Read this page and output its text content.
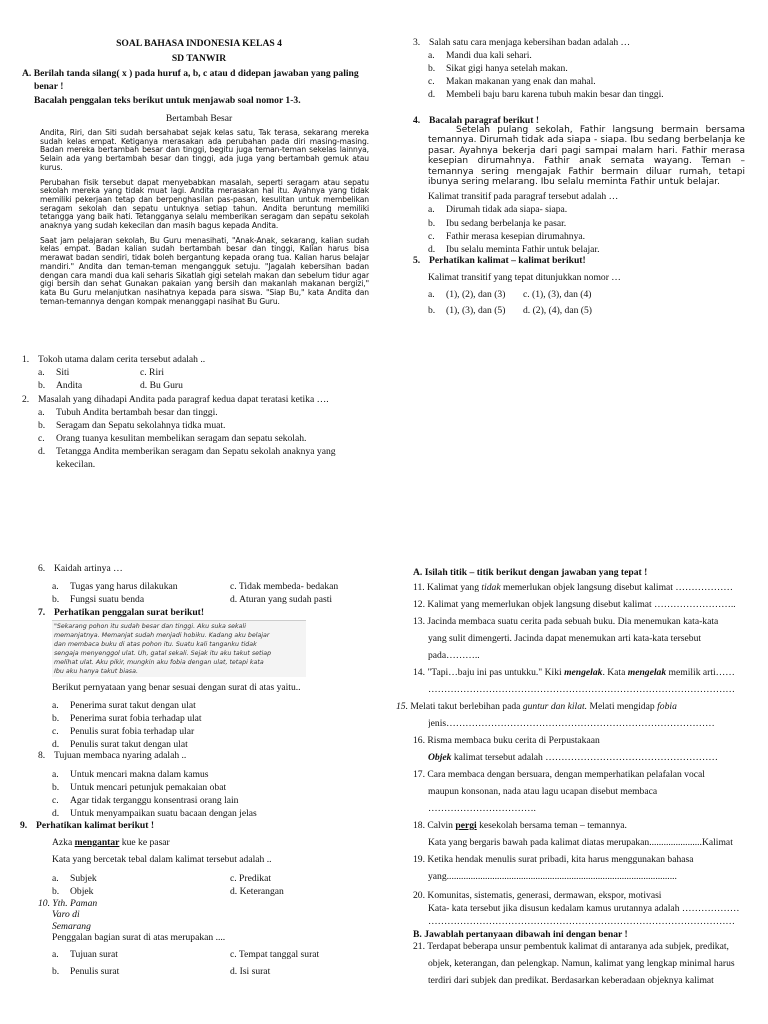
SOAL BAHASA INDONESIA KELAS 4
SD TANWIR
A. Berilah tanda silang( x ) pada huruf a, b, c atau d didepan jawaban yang paling
benar !
Bacalah penggalan teks berikut untuk menjawab soal nomor 1-3.
Bertambah Besar

Andita, Riri, dan Siti sudah bersahabat sejak kelas satu, Tak terasa, sekarang mereka sudah kelas empat. Ketiganya merasakan ada perubahan pada diri masing-masing. Badan mereka bertambah besar dan tinggi, begitu juga teman-teman sekelas lainnya, Selain ada yang bertambah besar dan tinggi, ada juga yang bertambah gemuk atau kurus.

Perubahan fisik tersebut dapat menyebabkan masalah, seperti seragam atau sepatu sekolah mereka yang tidak muat lagi. Andita merasakan hal itu. Ayahnya yang tidak memiliki pekerjaan tetap dan berpenghasilan pas-pasan, kesulitan untuk membelikan seragam sekolah dan sepatu untuknya setiap tahun. Andita beruntung memiliki tetangga yang baik hati. Tetangganya selalu memberikan seragam dan sepatu sekolah anaknya yang sudah kekecilan dan masih bagus kepada Andita.

Saat jam pelajaran sekolah, Bu Guru menasihati, "Anak-Anak, sekarang, kalian sudah kelas empat. Badan kalian sudah bertambah besar dan tinggi, Kalian harus bisa merawat badan sendiri, tidak boleh bergantung kepada orang tua. Kalian harus belajar mandiri." Andita dan teman-teman mengangguk setuju. "Jagalah kebersihan badan dengan cara mandi dua kali seharis Sikatlah gigi setelah makan dan sebelum tidur agar gigi bersih dan sehat Gunakan pakaian yang bersih dan makanlah makanan bergizi," kata Bu Guru melanjutkan nasihatnya kepada para siswa. "Siap Bu," kata Andita dan teman-temannya dengan kompak menanggapi nasihat Bu Guru.

1. Tokoh utama dalam cerita tersebut adalah ..
a. Siti	c. Riri
b. Andita	d. Bu Guru
2. Masalah yang dihadapi Andita pada paragraf kedua dapat teratasi ketika ….
a. Tubuh Andita bertambah besar dan tinggi.
b. Seragam dan Sepatu sekolahnya tidka muat.
c. Orang tuanya kesulitan membelikan seragam dan sepatu sekolah.
d. Tetangga Andita memberikan seragam dan Sepatu sekolah anaknya yang
kekecilan.
3. Salah satu cara menjaga kebersihan badan adalah …
a. Mandi dua kali sehari.
b. Sikat gigi hanya setelah makan.
c. Makan makanan yang enak dan mahal.
d. Membeli baju baru karena tubuh makin besar dan tinggi.
4. Bacalah paragraf berikut !
Setelah pulang sekolah, Fathir langsung bermain bersama temannya. Dirumah tidak ada siapa - siapa. Ibu sedang berbelanja ke pasar. Ayahnya bekerja dari pagi sampai malam hari. Fathir merasa kesepian dirumahnya. Fathir anak semata wayang. Teman – temannya sering mengajak Fathir bermain diluar rumah, tetapi ibunya sering melarang. Ibu selalu meminta Fathir untuk belajar.
Kalimat transitif pada paragraf tersebut adalah …
a. Dirumah tidak ada siapa- siapa.
b. Ibu sedang berbelanja ke pasar.
c. Fathir merasa kesepian dirumahnya.
d. Ibu selalu meminta Fathir untuk belajar.
5. Perhatikan kalimat – kalimat berikut!
Kalimat transitif yang tepat ditunjukkan nomor …
a. (1), (2), dan (3) c. (1), (3), dan (4)
b. (1), (3), dan (5) d. (2), (4), dan (5)
6. Kaidah artinya …
a. Tugas yang harus dilakukan	c. Tidak membeda- bedakan
b. Fungsi suatu benda	d. Aturan yang sudah pasti
7. Perhatikan penggalan surat berikut!
"Sekarang pohon itu sudah besar dan tinggi. Aku suka sekali
memanjatnya. Memanjat sudah menjadi hobiku. Kadang aku belajar
dan membaca buku di atas pohon itu. Suatu kali tanganku tidak
sengaja menyenggol ulat. Uh, gatal sekali. Sejak itu aku takut setiap
melihat ulat. Aku pikir, mungkin aku fobia dengan ulat, tetapi kata
Ibu aku hanya takut biasa.
Berikut pernyataan yang benar sesuai dengan surat di atas yaitu..
a. Penerima surat takut dengan ulat
b. Penerima surat fobia terhadap ulat
c. Penulis surat fobia terhadap ular
d. Penulis surat takut dengan ulat
8. Tujuan membaca nyaring adalah ..
a. Untuk mencari makna dalam kamus
b. Untuk mencari petunjuk pemakaian obat
c. Agar tidak terganggu konsentrasi orang lain
d. Untuk menyampaikan suatu bacaan dengan jelas
9. Perhatikan kalimat berikut !
Azka mengantar kue ke pasar
Kata yang bercetak tebal dalam kalimat tersebut adalah ..
a. Subjek	c. Predikat
b. Objek	d. Keterangan
10. Yth. Paman
Varo di
Semarang
Penggalan bagian surat di atas merupakan ....
a. Tujuan surat	c. Tempat tanggal surat
b. Penulis surat	d. Isi surat
A. Isilah titik – titik berikut dengan jawaban yang tepat !
11. Kalimat yang tidak memerlukan objek langsung disebut kalimat ………………
12. Kalimat yang memerlukan objek langsung disebut kalimat ……………………..
13. Jacinda membaca suatu cerita pada sebuah buku. Dia menemukan kata-kata
yang sulit dimengerti. Jacinda dapat menemukan arti kata-kata tersebut
pada………..
14. "Tapi…baju ini pas untukku." Kiki mengelak. Kata mengelak memilik arti……
……………………………………………………………………………………
15. Melati takut berlebihan pada guntur dan kilat. Melati mengidap fobia
jenis…………………………………………………………………………
16. Risma membaca buku cerita di Perpustakaan
Objek kalimat tersebut adalah ………………………………………………
17. Cara membaca dengan bersuara, dengan memperhatikan pelafalan vocal
maupun konsonan, nada atau lagu ucapan disebut membaca
…………………………….
18. Calvin pergi kesekolah bersama teman – temannya.
Kata yang bergaris bawah pada kalimat diatas merupakan......................Kalimat
19. Ketika hendak menulis surat pribadi, kita harus menggunakan bahasa
yang................................................................................................
20. Komunitas, sistematis, generasi, dermawan, ekspor, motivasi
Kata- kata tersebut jika disusun kedalam kamus urutannya adalah ………………
……………………………………………………………………………………
B. Jawablah pertanyaan dibawah ini dengan benar !
21. Terdapat beberapa unsur pembentuk kalimat di antaranya ada subjek, predikat,
objek, keterangan, dan pelengkap. Namun, kalimat yang lengkap minimal harus
terdiri dari subjek dan predikat. Berdasarkan keberadaan objeknya kalimat
